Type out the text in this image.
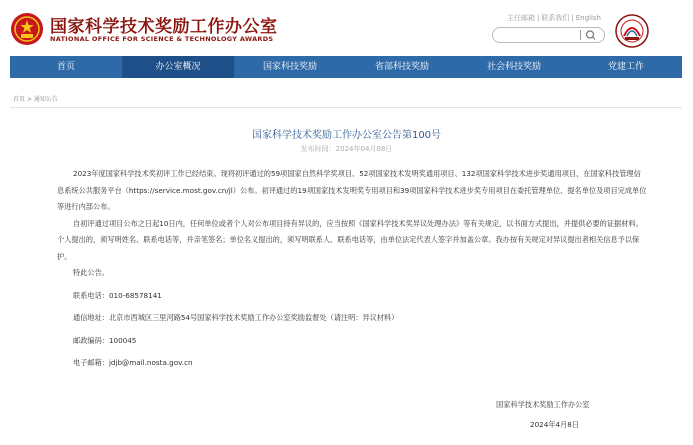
国家科学技术奖励工作办公室
NATIONAL OFFICE FOR SCIENCE & TECHNOLOGY AWARDS
主任邮箱 | 联系我们 | English
首页	办公室概况	国家科技奖励	省部科技奖励	社会科技奖励	党建工作
首页 > 通知公告
国家科学技术奖励工作办公室公告第100号
发布时间：2024年04月08日

2023年度国家科学技术奖初评工作已经结束。现将初评通过的59项国家自然科学奖项目、52项国家技术发明奖通用项目、132项国家科学技术进步奖通用项目，在国家科技管理信息系统公共服务平台（https://service.most.gov.cn/jl）公布。初评通过的19项国家技术发明奖专用项目和39项国家科学技术进步奖专用项目在委托管理单位、提名单位及项目完成单位等进行内部公布。

自初评通过项目公布之日起10日内，任何单位或者个人对公布项目持有异议的，应当按照《国家科学技术奖异议处理办法》等有关规定，以书面方式提出，并提供必要的证据材料。个人提出的，须写明姓名、联系电话等，并亲笔签名；单位名义提出的，须写明联系人、联系电话等，由单位法定代表人签字并加盖公章。我办按有关规定对异议提出者相关信息予以保护。

特此公告。

联系电话：010-68578141

通信地址：北京市西城区三里河路54号国家科学技术奖励工作办公室奖励监督处（请注明：异议材料）

邮政编码：100045

电子邮箱：jdjb@mail.nosta.gov.cn

国家科学技术奖励工作办公室
2024年4月8日
